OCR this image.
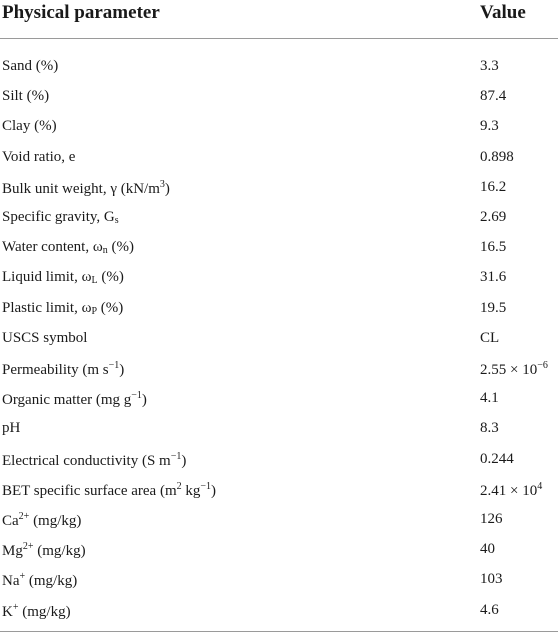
Physical parameter	Value
Sand (%)	3.3
Silt (%)	87.4
Clay (%)	9.3
Void ratio, e	0.898
Bulk unit weight, γ $(kN/m^3)$	16.2
Specific gravity, $G_s$	2.69
Water content, $\omega_n$ (%)	16.5
Liquid limit, $\omega_L$ (%)	31.6
Plastic limit, $\omega_P$ (%)	19.5
USCS symbol	CL
Permeability (m $s^{-1}$)	$2.55 \times 10^{-6}$
Organic matter (mg $g^{-1}$)	4.1
pH	8.3
Electrical conductivity (S $m^{-1}$)	0.244
BET specific surface area ($m^2$ $kg^{-1}$)	$2.41 \times 10^4$
$Ca^{2+}$ (mg/kg)	126
$Mg^{2+}$ (mg/kg)	40
Na+ (mg/kg)	103
K+ (mg/kg)	4.6
